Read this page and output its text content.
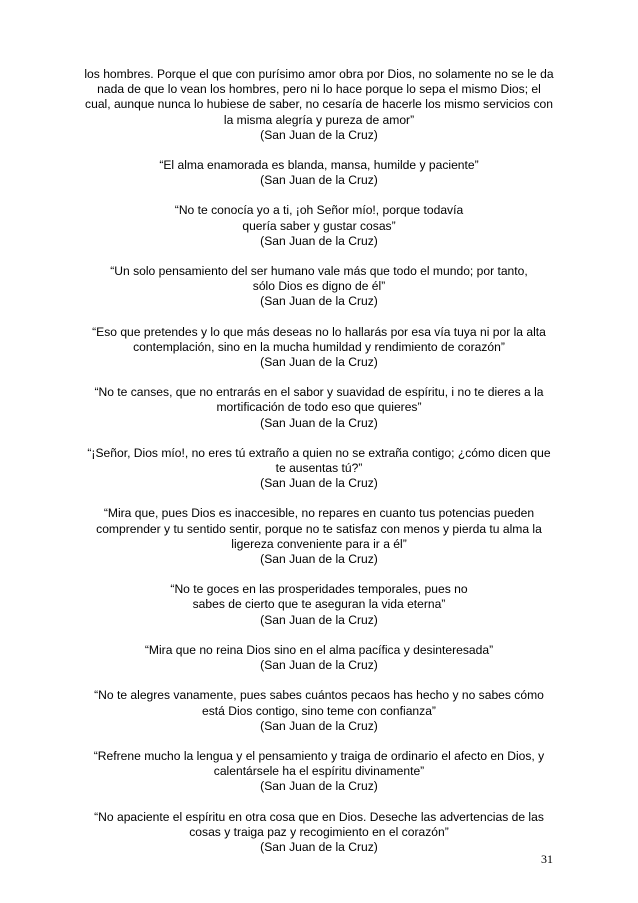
los hombres. Porque el que con purísimo amor obra por Dios, no solamente no se le da nada de que lo vean los hombres, pero ni lo hace porque lo sepa el mismo Dios; el cual, aunque nunca lo hubiese de saber, no cesaría de hacerle los mismo servicios con la misma alegría y pureza de amor”

(San Juan de la Cruz)

“El alma enamorada es blanda, mansa, humilde y paciente”

(San Juan de la Cruz)

“No te conocía yo a ti, ¡oh Señor mío!, porque todavía quería saber y gustar cosas”

(San Juan de la Cruz)

“Un solo pensamiento del ser humano vale más que todo el mundo; por tanto, sólo Dios es digno de él”

(San Juan de la Cruz)

“Eso que pretendes y lo que más deseas no lo hallarás por esa vía tuya ni por la alta contemplación, sino en la mucha humildad y rendimiento de corazón”

(San Juan de la Cruz)

“No te canses, que no entrarás en el sabor y suavidad de espíritu, i no te dieres a la mortificación de todo eso que quieres”

(San Juan de la Cruz)

“¡Señor, Dios mío!, no eres tú extraño a quien no se extraña contigo; ¿cómo dicen que te ausentas tú?”

(San Juan de la Cruz)

“Mira que, pues Dios es inaccesible, no repares en cuanto tus potencias pueden comprender y tu sentido sentir, porque no te satisfaz con menos y pierda tu alma la ligereza conveniente para ir a él”

(San Juan de la Cruz)

“No te goces en las prosperidades temporales, pues no sabes de cierto que te aseguran la vida eterna”

(San Juan de la Cruz)

“Mira que no reina Dios sino en el alma pacífica y desinteresada”

(San Juan de la Cruz)

“No te alegres vanamente, pues sabes cuántos pecaos has hecho y no sabes cómo está Dios contigo, sino teme con confianza”

(San Juan de la Cruz)

“Refrene mucho la lengua y el pensamiento y traiga de ordinario el afecto en Dios, y calentársele ha el espíritu divinamente”

(San Juan de la Cruz)

“No apaciente el espíritu en otra cosa que en Dios. Deseche las advertencias de las cosas y traiga paz y recogimiento en el corazón”

(San Juan de la Cruz)

31
